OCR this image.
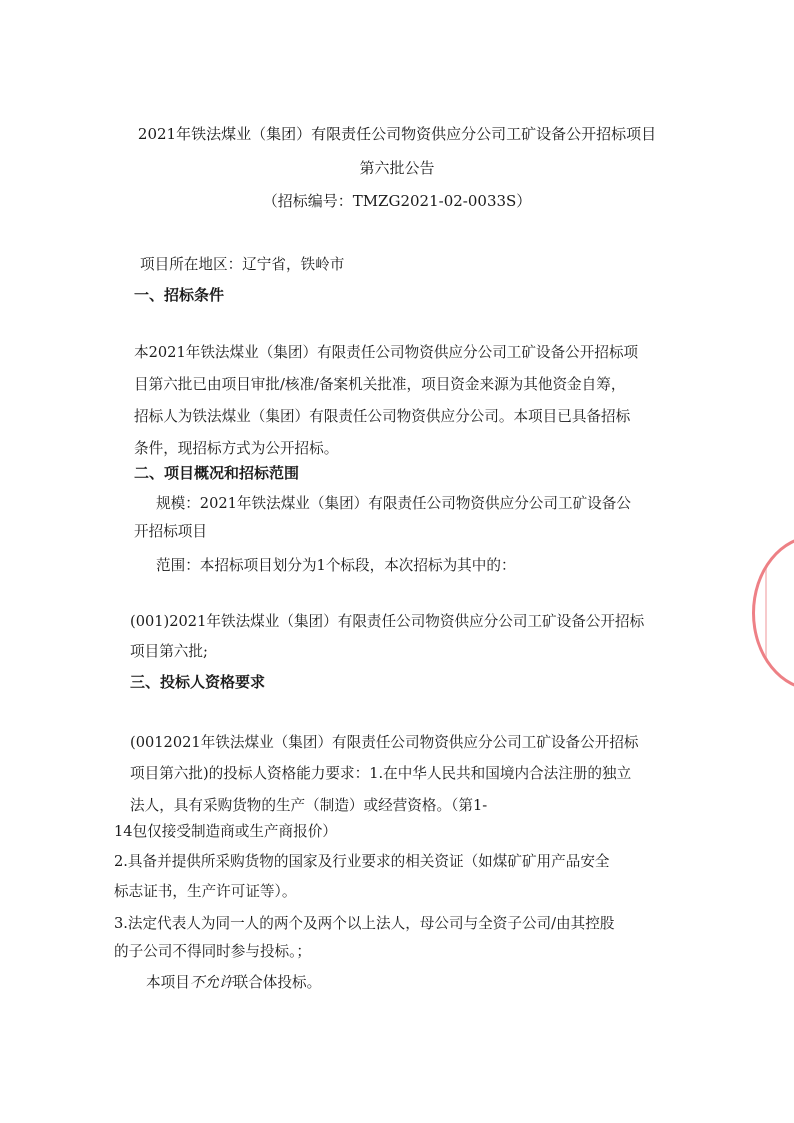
2021年铁法煤业（集团）有限责任公司物资供应分公司工矿设备公开招标项目
第六批公告
（招标编号：TMZG2021-02-0033S）
项目所在地区：辽宁省，铁岭市
一、招标条件
本2021年铁法煤业（集团）有限责任公司物资供应分公司工矿设备公开招标项
目第六批已由项目审批/核准/备案机关批准，项目资金来源为其他资金自筹，
招标人为铁法煤业（集团）有限责任公司物资供应分公司。本项目已具备招标
条件，现招标方式为公开招标。
二、项目概况和招标范围
规模：2021年铁法煤业（集团）有限责任公司物资供应分公司工矿设备公
开招标项目
范围：本招标项目划分为1个标段，本次招标为其中的：
(001)2021年铁法煤业（集团）有限责任公司物资供应分公司工矿设备公开招标
项目第六批;
三、投标人资格要求
(0012021年铁法煤业（集团）有限责任公司物资供应分公司工矿设备公开招标
项目第六批)的投标人资格能力要求：1.在中华人民共和国境内合法注册的独立
法人，具有采购货物的生产（制造）或经营资格。（第1-
14包仅接受制造商或生产商报价）
2.具备并提供所采购货物的国家及行业要求的相关资证（如煤矿矿用产品安全
标志证书，生产许可证等）。
3.法定代表人为同一人的两个及两个以上法人，母公司与全资子公司/由其控股
的子公司不得同时参与投标。；
本项目不允许联合体投标。
